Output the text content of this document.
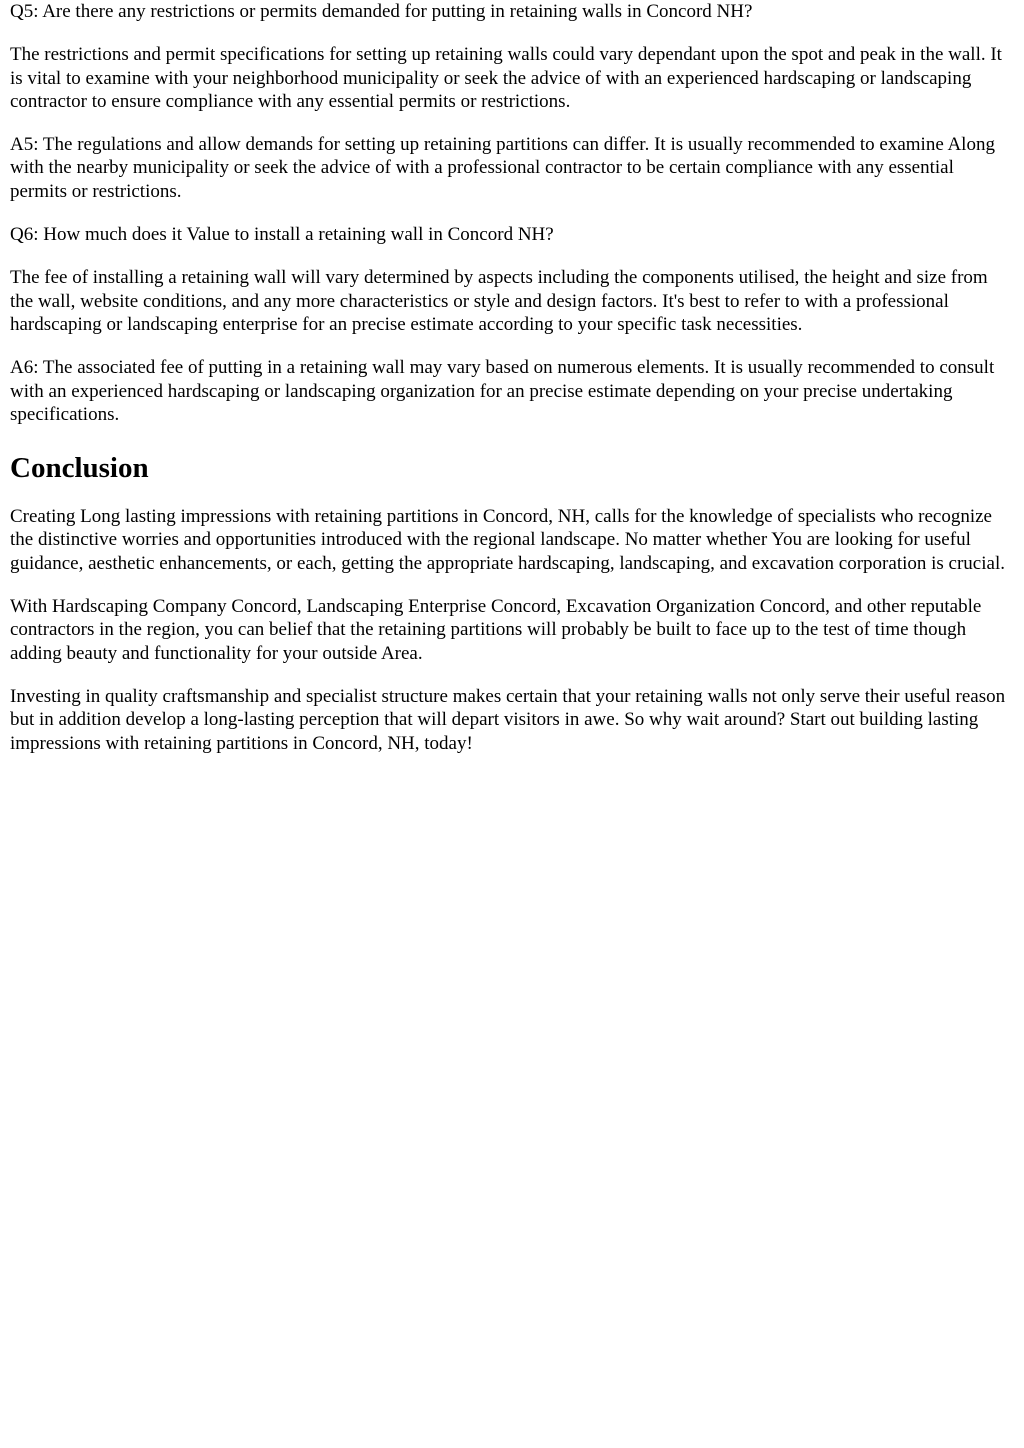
Q5: Are there any restrictions or permits demanded for putting in retaining walls in Concord NH?

The restrictions and permit specifications for setting up retaining walls could vary dependant upon the spot and peak in the wall. It is vital to examine with your neighborhood municipality or seek the advice of with an experienced hardscaping or landscaping contractor to ensure compliance with any essential permits or restrictions.

A5: The regulations and allow demands for setting up retaining partitions can differ. It is usually recommended to examine Along with the nearby municipality or seek the advice of with a professional contractor to be certain compliance with any essential permits or restrictions.

Q6: How much does it Value to install a retaining wall in Concord NH?

The fee of installing a retaining wall will vary determined by aspects including the components utilised, the height and size from the wall, website conditions, and any more characteristics or style and design factors. It's best to refer to with a professional hardscaping or landscaping enterprise for an precise estimate according to your specific task necessities.

A6: The associated fee of putting in a retaining wall may vary based on numerous elements. It is usually recommended to consult with an experienced hardscaping or landscaping organization for an precise estimate depending on your precise undertaking specifications.

Conclusion

Creating Long lasting impressions with retaining partitions in Concord, NH, calls for the knowledge of specialists who recognize the distinctive worries and opportunities introduced with the regional landscape. No matter whether You are looking for useful guidance, aesthetic enhancements, or each, getting the appropriate hardscaping, landscaping, and excavation corporation is crucial.

With Hardscaping Company Concord, Landscaping Enterprise Concord, Excavation Organization Concord, and other reputable contractors in the region, you can belief that the retaining partitions will probably be built to face up to the test of time though adding beauty and functionality for your outside Area.

Investing in quality craftsmanship and specialist structure makes certain that your retaining walls not only serve their useful reason but in addition develop a long-lasting perception that will depart visitors in awe. So why wait around? Start out building lasting impressions with retaining partitions in Concord, NH, today!
